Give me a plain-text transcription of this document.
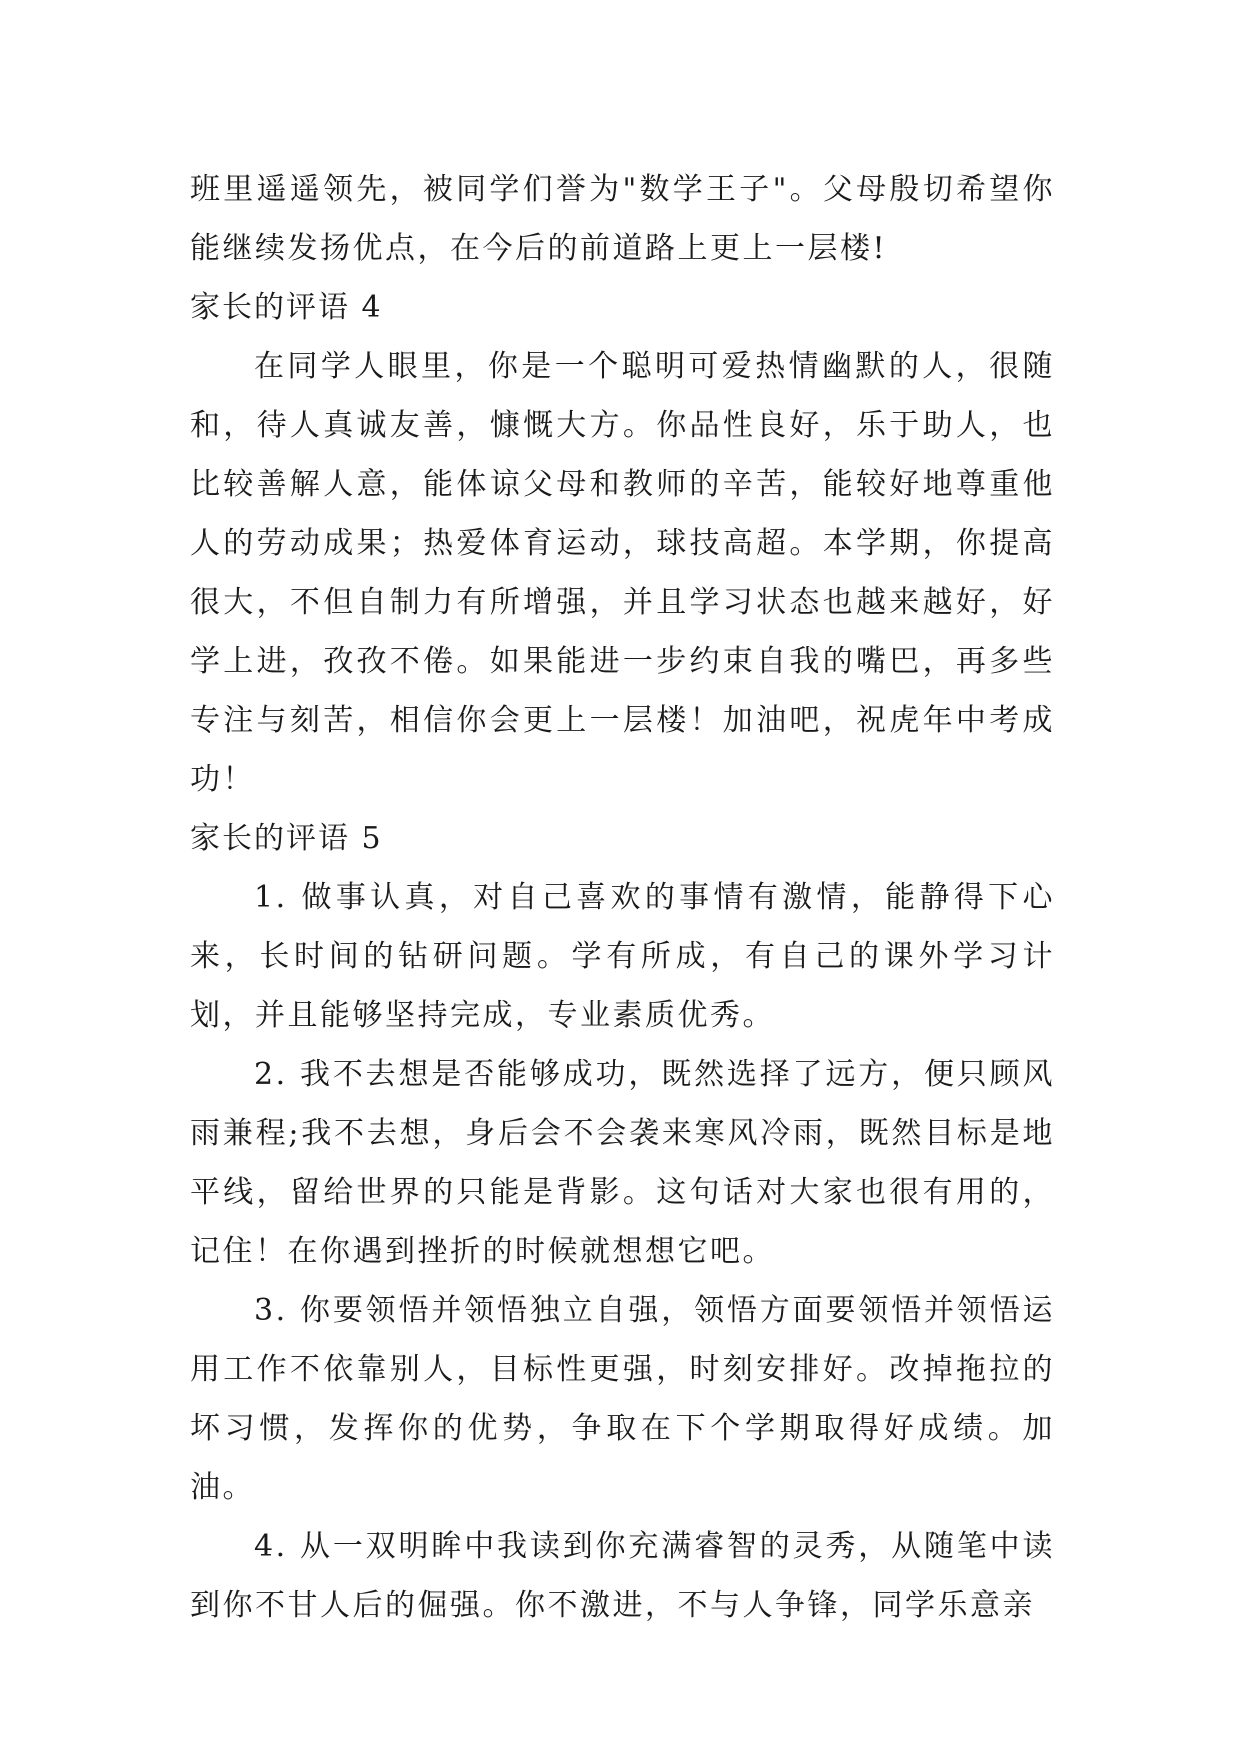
班里遥遥领先，被同学们誉为"数学王子"。父母殷切希望你能继续发扬优点，在今后的前道路上更上一层楼!

家长的评语 4

在同学人眼里，你是一个聪明可爱热情幽默的人，很随和，待人真诚友善，慷慨大方。你品性良好，乐于助人，也比较善解人意，能体谅父母和教师的辛苦，能较好地尊重他人的劳动成果；热爱体育运动，球技高超。本学期，你提高很大，不但自制力有所增强，并且学习状态也越来越好，好学上进，孜孜不倦。如果能进一步约束自我的嘴巴，再多些专注与刻苦，相信你会更上一层楼！加油吧，祝虎年中考成功！

家长的评语 5

1. 做事认真，对自己喜欢的事情有激情，能静得下心来，长时间的钻研问题。学有所成，有自己的课外学习计划，并且能够坚持完成，专业素质优秀。

2. 我不去想是否能够成功，既然选择了远方，便只顾风雨兼程;我不去想，身后会不会袭来寒风冷雨，既然目标是地平线，留给世界的只能是背影。这句话对大家也很有用的，记住！在你遇到挫折的时候就想想它吧。

3. 你要领悟并领悟独立自强，领悟方面要领悟并领悟运用工作不依靠别人，目标性更强，时刻安排好。改掉拖拉的坏习惯，发挥你的优势，争取在下个学期取得好成绩。加油。

4. 从一双明眸中我读到你充满睿智的灵秀，从随笔中读到你不甘人后的倔强。你不激进，不与人争锋，同学乐意亲
